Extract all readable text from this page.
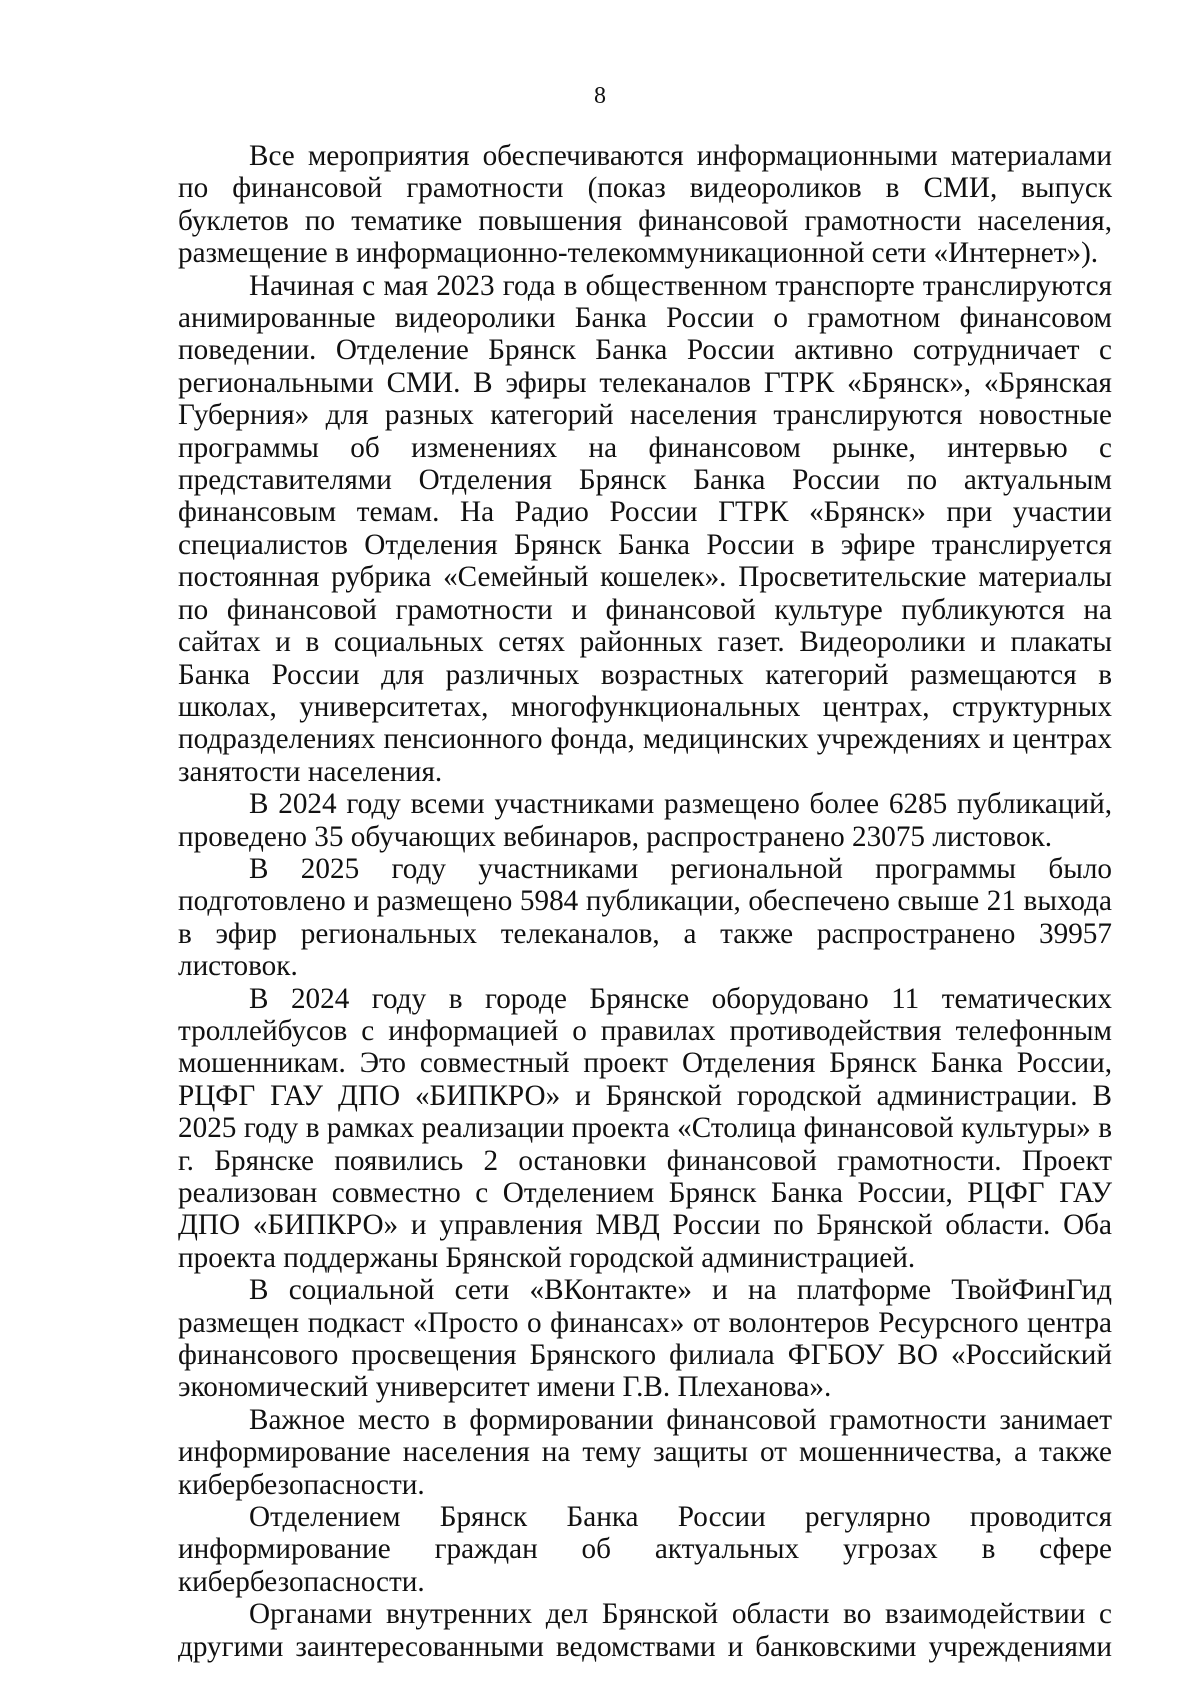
8

Все мероприятия обеспечиваются информационными материалами по финансовой грамотности (показ видеороликов в СМИ, выпуск буклетов по тематике повышения финансовой грамотности населения, размещение в информационно-телекоммуникационной сети «Интернет»).

Начиная с мая 2023 года в общественном транспорте транслируются анимированные видеоролики Банка России о грамотном финансовом поведении. Отделение Брянск Банка России активно сотрудничает с региональными СМИ. В эфиры телеканалов ГТРК «Брянск», «Брянская Губерния» для разных категорий населения транслируются новостные программы об изменениях на финансовом рынке, интервью с представителями Отделения Брянск Банка России по актуальным финансовым темам. На Радио России ГТРК «Брянск» при участии специалистов Отделения Брянск Банка России в эфире транслируется постоянная рубрика «Семейный кошелек». Просветительские материалы по финансовой грамотности и финансовой культуре публикуются на сайтах и в социальных сетях районных газет. Видеоролики и плакаты Банка России для различных возрастных категорий размещаются в школах, университетах, многофункциональных центрах, структурных подразделениях пенсионного фонда, медицинских учреждениях и центрах занятости населения.

В 2024 году всеми участниками размещено более 6285 публикаций, проведено 35 обучающих вебинаров, распространено 23075 листовок.

В 2025 году участниками региональной программы было подготовлено и размещено 5984 публикации, обеспечено свыше 21 выхода в эфир региональных телеканалов, а также распространено 39957 листовок.

В 2024 году в городе Брянске оборудовано 11 тематических троллейбусов с информацией о правилах противодействия телефонным мошенникам. Это совместный проект Отделения Брянск Банка России, РЦФГ ГАУ ДПО «БИПКРО» и Брянской городской администрации. В 2025 году в рамках реализации проекта «Столица финансовой культуры» в г. Брянске появились 2 остановки финансовой грамотности. Проект реализован совместно с Отделением Брянск Банка России, РЦФГ ГАУ ДПО «БИПКРО» и управления МВД России по Брянской области. Оба проекта поддержаны Брянской городской администрацией.

В социальной сети «ВКонтакте» и на платформе ТвойФинГид размещен подкаст «Просто о финансах» от волонтеров Ресурсного центра финансового просвещения Брянского филиала ФГБОУ ВО «Российский экономический университет имени Г.В. Плеханова».

Важное место в формировании финансовой грамотности занимает информирование населения на тему защиты от мошенничества, а также кибербезопасности.

Отделением Брянск Банка России регулярно проводится информирование граждан об актуальных угрозах в сфере кибербезопасности.

Органами внутренних дел Брянской области во взаимодействии с другими заинтересованными ведомствами и банковскими учреждениями
